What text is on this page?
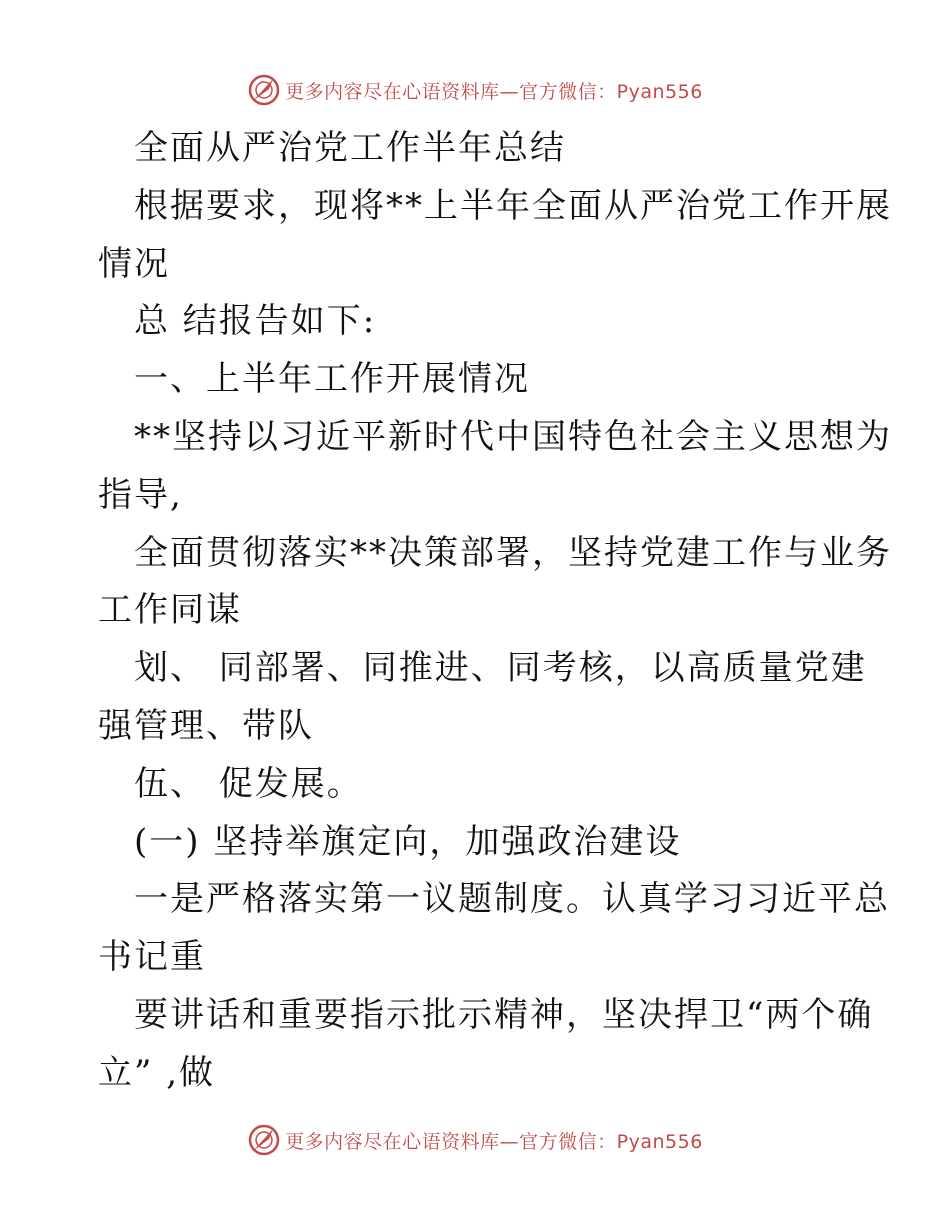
更多内容尽在心语资料库—官方微信：Pyan556
全面从严治党工作半年总结
根据要求，现将**上半年全面从严治党工作开展
情况
总 结报告如下:
一、上半年工作开展情况
**坚持以习近平新时代中国特色社会主义思想为
指导,
全面贯彻落实**决策部署，坚持党建工作与业务
工作同谋
划、 同部署、同推进、同考核，以高质量党建
强管理、带队
伍、 促发展。
(一) 坚持举旗定向，加强政治建设
一是严格落实第一议题制度。认真学习习近平总
书记重
要讲话和重要指示批示精神，坚决捍卫“两个确
立” ,做
更多内容尽在心语资料库—官方微信：Pyan556
